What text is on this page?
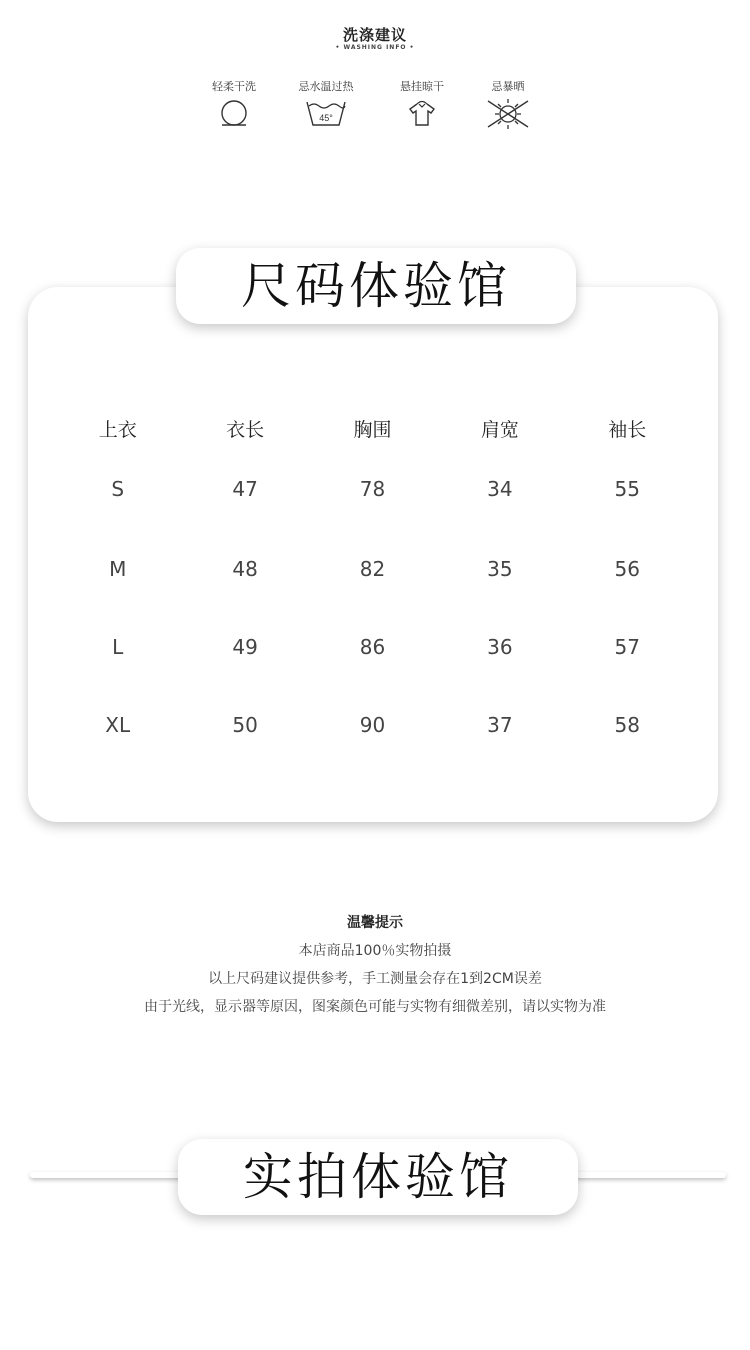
洗涤建议
• WASHING INFO •
轻柔干洗	忌水温过热
45°
悬挂晾干	忌暴晒
尺码体验馆
上衣	衣长	胸围	肩宽	袖长
S	47	78	34	55
M	48	82	35	56
L	49	86	36	57
XL	50	90	37	58
温馨提示
本店商品100％实物拍摄
以上尺码建议提供参考，手工测量会存在1到2CM误差
由于光线，显示器等原因，图案颜色可能与实物有细微差别，请以实物为准
实拍体验馆
